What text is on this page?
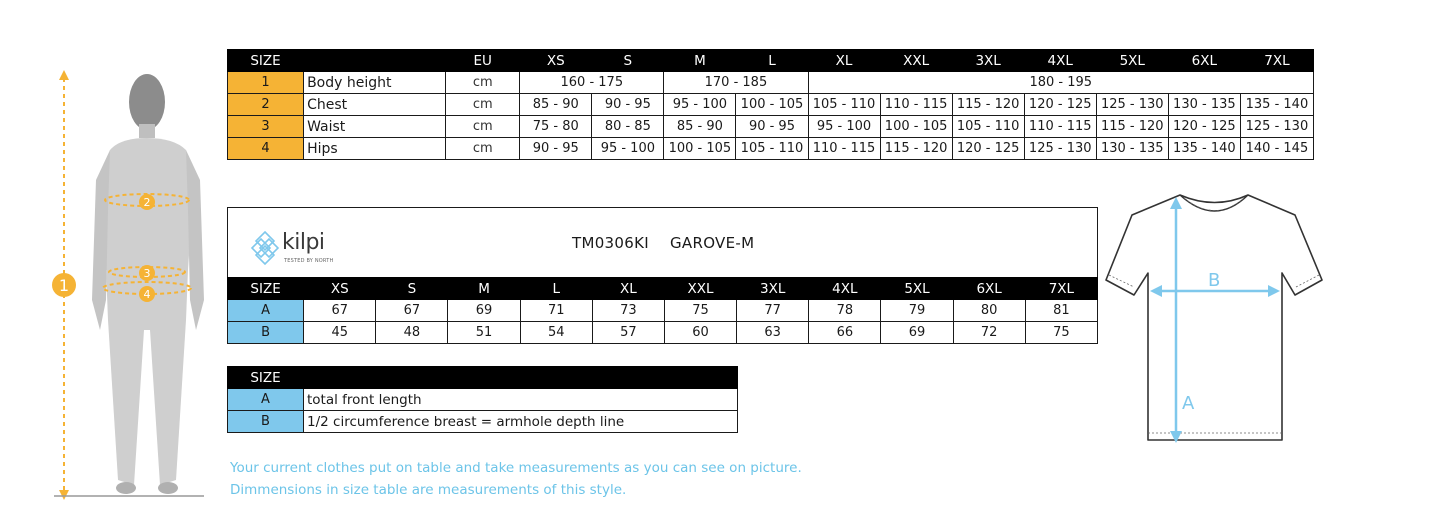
1
2
3
4
SIZE		EU	XS	S	M	L	XL	XXL	3XL	4XL	5XL	6XL	7XL
1	Body height	cm	160 - 175		170 - 185		180 - 195						
2	Chest	cm	85 - 90	90 - 95	95 - 100	100 - 105	105 - 110	110 - 115	115 - 120	120 - 125	125 - 130	130 - 135	135 - 140
3	Waist	cm	75 - 80	80 - 85	85 - 90	90 - 95	95 - 100	100 - 105	105 - 110	110 - 115	115 - 120	120 - 125	125 - 130
4	Hips	cm	90 - 95	95 - 100	100 - 105	105 - 110	110 - 115	115 - 120	120 - 125	125 - 130	130 - 135	135 - 140	140 - 145
kilpi
TESTED BY NORTH
TM0306KI GAROVE-M
SIZE	XS	S	M	L	XL	XXL	3XL	4XL	5XL	6XL	7XL
A	67	67	69	71	73	75	77	78	79	80	81
B	45	48	51	54	57	60	63	66	69	72	75
SIZE	
A	total front length
B	1/2 circumference breast = armhole depth line
A
B
Your current clothes put on table and take measurements as you can see on picture.
Dimmensions in size table are measurements of this style.
